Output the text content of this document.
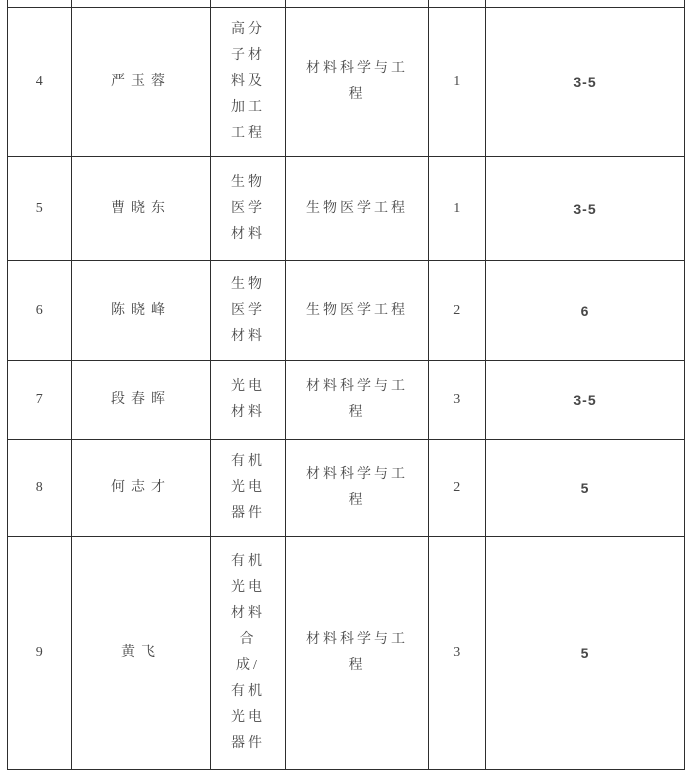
4	严玉蓉	高分子材料及加工工程	材料科学与工程	1	3-5
5	曹晓东	生物医学材料	生物医学工程	1	3-5
6	陈晓峰	生物医学材料	生物医学工程	2	6
7	段春晖	光电材料	材料科学与工程	3	3-5
8	何志才	有机光电器件	材料科学与工程	2	5
9	黄飞	有机光电材料合成/有机光电器件	材料科学与工程	3	5
